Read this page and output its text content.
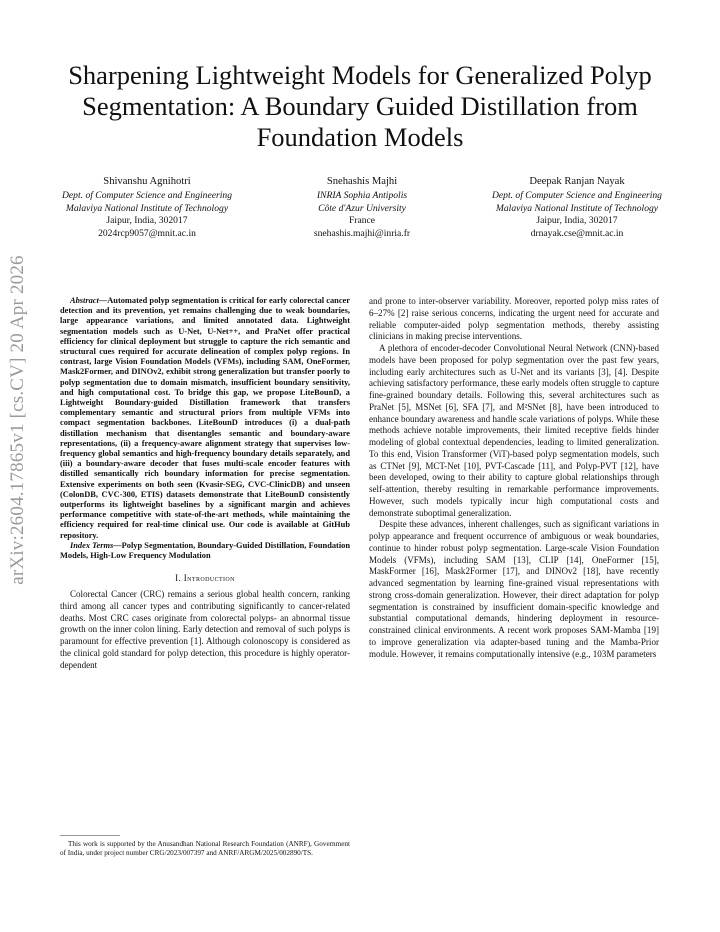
arXiv:2604.17865v1 [cs.CV] 20 Apr 2026
Sharpening Lightweight Models for Generalized Polyp Segmentation: A Boundary Guided Distillation from Foundation Models
Shivanshu Agnihotri
Dept. of Computer Science and Engineering
Malaviya National Institute of Technology
Jaipur, India, 302017
2024rcp9057@mnit.ac.in
Snehashis Majhi
INRIA Sophia Antipolis
Côte d'Azur University
France
snehashis.majhi@inria.fr
Deepak Ranjan Nayak
Dept. of Computer Science and Engineering
Malaviya National Institute of Technology
Jaipur, India, 302017
drnayak.cse@mnit.ac.in

Abstract—Automated polyp segmentation is critical for early colorectal cancer detection and its prevention, yet remains challenging due to weak boundaries, large appearance variations, and limited annotated data. Lightweight segmentation models such as U-Net, U-Net++, and PraNet offer practical efficiency for clinical deployment but struggle to capture the rich semantic and structural cues required for accurate delineation of complex polyp regions. In contrast, large Vision Foundation Models (VFMs), including SAM, OneFormer, Mask2Former, and DINOv2, exhibit strong generalization but transfer poorly to polyp segmentation due to domain mismatch, insufficient boundary sensitivity, and high computational cost. To bridge this gap, we propose LiteBounD, a Lightweight Boundary-guided Distillation framework that transfers complementary semantic and structural priors from multiple VFMs into compact segmentation backbones. LiteBounD introduces (i) a dual-path distillation mechanism that disentangles semantic and boundary-aware representations, (ii) a frequency-aware alignment strategy that supervises low-frequency global semantics and high-frequency boundary details separately, and (iii) a boundary-aware decoder that fuses multi-scale encoder features with distilled semantically rich boundary information for precise segmentation. Extensive experiments on both seen (Kvasir-SEG, CVC-ClinicDB) and unseen (ColonDB, CVC-300, ETIS) datasets demonstrate that LiteBounD consistently outperforms its lightweight baselines by a significant margin and achieves performance competitive with state-of-the-art methods, while maintaining the efficiency required for real-time clinical use. Our code is available at GitHub repository.

Index Terms—Polyp Segmentation, Boundary-Guided Distillation, Foundation Models, High-Low Frequency Modulation

I. Introduction

Colorectal Cancer (CRC) remains a serious global health concern, ranking third among all cancer types and contributing significantly to cancer-related deaths. Most CRC cases originate from colorectal polyps- an abnormal tissue growth on the inner colon lining. Early detection and removal of such polyps is paramount for effective prevention [1]. Although colonoscopy is considered as the clinical gold standard for polyp detection, this procedure is highly operator-dependent

This work is supported by the Anusandhan National Research Foundation (ANRF), Government of India, under project number CRG/2023/007397 and ANRF/ARGM/2025/002890/TS.

and prone to inter-observer variability. Moreover, reported polyp miss rates of 6–27% [2] raise serious concerns, indicating the urgent need for accurate and reliable computer-aided polyp segmentation methods, thereby assisting clinicians in making precise interventions.

A plethora of encoder-decoder Convolutional Neural Network (CNN)-based models have been proposed for polyp segmentation over the past few years, including early architectures such as U-Net and its variants [3], [4]. Despite achieving satisfactory performance, these early models often struggle to capture fine-grained boundary details. Following this, several architectures such as PraNet [5], MSNet [6], SFA [7], and M²SNet [8], have been introduced to enhance boundary awareness and handle scale variations of polyps. While these methods achieve notable improvements, their limited receptive fields hinder modeling of global contextual dependencies, leading to limited generalization. To this end, Vision Transformer (ViT)-based polyp segmentation models, such as CTNet [9], MCT-Net [10], PVT-Cascade [11], and Polyp-PVT [12], have been developed, owing to their ability to capture global relationships through self-attention, thereby resulting in remarkable performance improvements. However, such models typically incur high computational costs and demonstrate suboptimal generalization.

Despite these advances, inherent challenges, such as significant variations in polyp appearance and frequent occurrence of ambiguous or weak boundaries, continue to hinder robust polyp segmentation. Large-scale Vision Foundation Models (VFMs), including SAM [13], CLIP [14], OneFormer [15], MaskFormer [16], Mask2Former [17], and DINOv2 [18], have recently advanced segmentation by learning fine-grained visual representations with strong cross-domain generalization. However, their direct adaptation for polyp segmentation is constrained by insufficient domain-specific knowledge and substantial computational demands, hindering deployment in resource-constrained clinical environments. A recent work proposes SAM-Mamba [19] to improve generalization via adapter-based tuning and the Mamba-Prior module. However, it remains computationally intensive (e.g., 103M parameters
